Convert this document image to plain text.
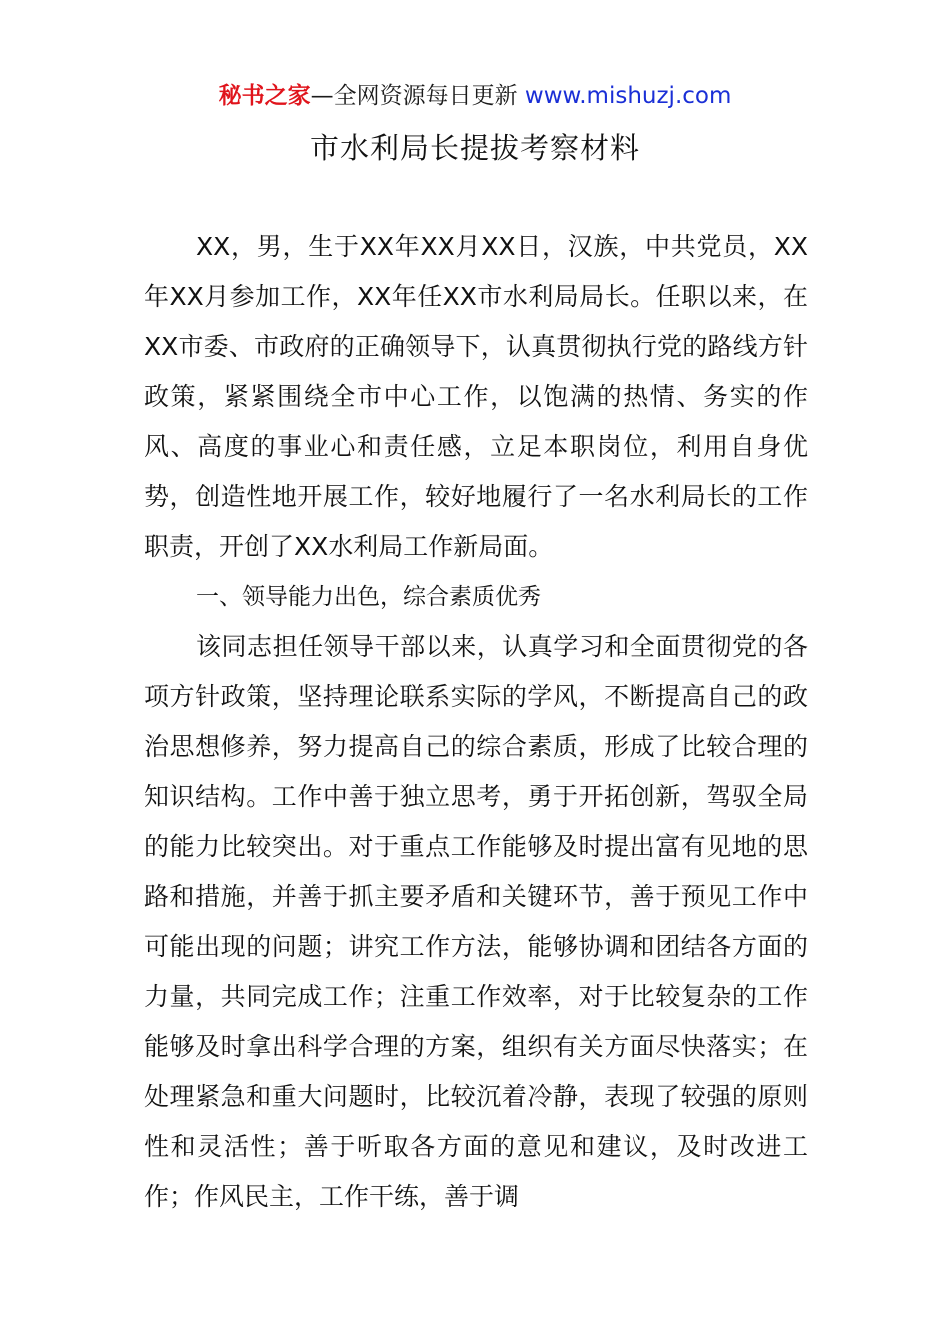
秘书之家—全网资源每日更新 www.mishuzj.com
市水利局长提拔考察材料

XX，男，生于XX年XX月XX日，汉族，中共党员，XX年XX月参加工作，XX年任XX市水利局局长。任职以来，在XX市委、市政府的正确领导下，认真贯彻执行党的路线方针政策，紧紧围绕全市中心工作，以饱满的热情、务实的作风、高度的事业心和责任感，立足本职岗位，利用自身优势，创造性地开展工作，较好地履行了一名水利局长的工作职责，开创了XX水利局工作新局面。

一、领导能力出色，综合素质优秀

该同志担任领导干部以来，认真学习和全面贯彻党的各项方针政策，坚持理论联系实际的学风，不断提高自己的政治思想修养，努力提高自己的综合素质，形成了比较合理的知识结构。工作中善于独立思考，勇于开拓创新，驾驭全局的能力比较突出。对于重点工作能够及时提出富有见地的思路和措施，并善于抓主要矛盾和关键环节，善于预见工作中可能出现的问题；讲究工作方法，能够协调和团结各方面的力量，共同完成工作；注重工作效率，对于比较复杂的工作能够及时拿出科学合理的方案，组织有关方面尽快落实；在处理紧急和重大问题时，比较沉着冷静，表现了较强的原则性和灵活性；善于听取各方面的意见和建议，及时改进工作；作风民主，工作干练，善于调
